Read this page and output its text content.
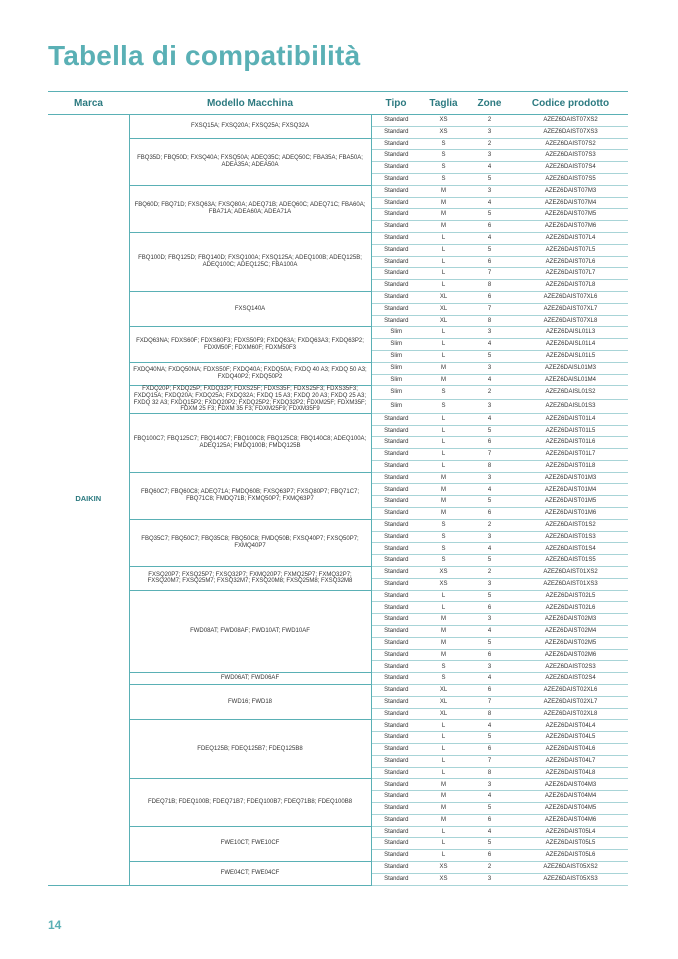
Tabella di compatibilità
Marca	Modello Macchina	Tipo	Taglia	Zone	Codice prodotto
DAIKIN	FXSQ15A; FXSQ20A; FXSQ25A; FXSQ32A	Standard	XS	2	AZEZ6DAIST07XS2
		Standard	XS	3	AZEZ6DAIST07XS3
	FBQ35D; FBQ50D; FXSQ40A; FXSQ50A; ADEQ35C; ADEQ50C; FBA35A; FBA50A; ADEA35A; ADEA50A	Standard	S	2	AZEZ6DAIST07S2
		Standard	S	3	AZEZ6DAIST07S3
		Standard	S	4	AZEZ6DAIST07S4
		Standard	S	5	AZEZ6DAIST07S5
	FBQ60D; FBQ71D; FXSQ63A; FXSQ80A; ADEQ71B; ADEQ60C; ADEQ71C; FBA60A; FBA71A; ADEA60A; ADEA71A	Standard	M	3	AZEZ6DAIST07M3
		Standard	M	4	AZEZ6DAIST07M4
		Standard	M	5	AZEZ6DAIST07M5
		Standard	M	6	AZEZ6DAIST07M6
	FBQ100D; FBQ125D; FBQ140D; FXSQ100A; FXSQ125A; ADEQ100B; ADEQ125B; ADEQ100C; ADEQ125C; FBA100A	Standard	L	4	AZEZ6DAIST07L4
		Standard	L	5	AZEZ6DAIST07L5
		Standard	L	6	AZEZ6DAIST07L6
		Standard	L	7	AZEZ6DAIST07L7
		Standard	L	8	AZEZ6DAIST07L8
	FXSQ140A	Standard	XL	6	AZEZ6DAIST07XL6
		Standard	XL	7	AZEZ6DAIST07XL7
		Standard	XL	8	AZEZ6DAIST07XL8
	FXDQ63NA; FDXS60F; FDXS60F3; FDXS50F9; FXDQ63A; FXDQ63A3; FXDQ63P2; FDXM50F; FDXM60F; FDXM50F3	Slim	L	3	AZEZ6DAISL01L3
		Slim	L	4	AZEZ6DAISL01L4
		Slim	L	5	AZEZ6DAISL01L5
	FXDQ40NA; FXDQ50NA; FDXS50F; FXDQ40A; FXDQ50A; FXDQ 40 A3; FXDQ 50 A3; FXDQ40P2; FXDQ50P2	Slim	M	3	AZEZ6DAISL01M3
		Slim	M	4	AZEZ6DAISL01M4
	FXDQ20P; FXDQ25P; FXDQ32P; FDXS25F; FDXS35F; FDXS25F3; FDXS35F3; FXDQ15A; FXDQ20A; FXDQ25A; FXDQ32A; FXDQ 15 A3; FXDQ 20 A3; FXDQ 25 A3; FXDQ 32 A3; FXDQ15P2; FXDQ20P2; FXDQ25P2; FXDQ32P2; FDXM25F; FDXM35F; FDXM 25 F3; FDXM 35 F3; FDXM25F9; FDXM35F9	Slim	S	2	AZEZ6DAISL01S2
		Slim	S	3	AZEZ6DAISL01S3
	FBQ100C7; FBQ125C7; FBQ140C7; FBQ100C8; FBQ125C8; FBQ140C8; ADEQ100A; ADEQ125A; FMDQ100B; FMDQ125B	Standard	L	4	AZEZ6DAIST01L4
		Standard	L	5	AZEZ6DAIST01L5
		Standard	L	6	AZEZ6DAIST01L6
		Standard	L	7	AZEZ6DAIST01L7
		Standard	L	8	AZEZ6DAIST01L8
	FBQ60C7; FBQ60C8; ADEQ71A; FMDQ60B; FXSQ63P7; FXSQ80P7; FBQ71C7; FBQ71C8; FMDQ71B; FXMQ50P7; FXMQ63P7	Standard	M	3	AZEZ6DAIST01M3
		Standard	M	4	AZEZ6DAIST01M4
		Standard	M	5	AZEZ6DAIST01M5
		Standard	M	6	AZEZ6DAIST01M6
	FBQ35C7; FBQ50C7; FBQ35C8; FBQ50C8; FMDQ50B; FXSQ40P7; FXSQ50P7; FXMQ40P7	Standard	S	2	AZEZ6DAIST01S2
		Standard	S	3	AZEZ6DAIST01S3
		Standard	S	4	AZEZ6DAIST01S4
		Standard	S	5	AZEZ6DAIST01S5
	FXSQ20P7; FXSQ25P7; FXSQ32P7; FXMQ20P7; FXMQ25P7; FXMQ32P7; FXSQ20M7; FXSQ25M7; FXSQ32M7; FXSQ20M8; FXSQ25M8; FXSQ32M8	Standard	XS	2	AZEZ6DAIST01XS2
		Standard	XS	3	AZEZ6DAIST01XS3
	FWD08AT; FWD08AF; FWD10AT; FWD10AF	Standard	L	5	AZEZ6DAIST02L5
		Standard	L	6	AZEZ6DAIST02L6
		Standard	M	3	AZEZ6DAIST02M3
		Standard	M	4	AZEZ6DAIST02M4
		Standard	M	5	AZEZ6DAIST02M5
		Standard	M	6	AZEZ6DAIST02M6
		Standard	S	3	AZEZ6DAIST02S3
	FWD06AT; FWD06AF	Standard	S	4	AZEZ6DAIST02S4
	FWD16; FWD18	Standard	XL	6	AZEZ6DAIST02XL6
		Standard	XL	7	AZEZ6DAIST02XL7
		Standard	XL	8	AZEZ6DAIST02XL8
	FDEQ125B; FDEQ125B7; FDEQ125B8	Standard	L	4	AZEZ6DAIST04L4
		Standard	L	5	AZEZ6DAIST04L5
		Standard	L	6	AZEZ6DAIST04L6
		Standard	L	7	AZEZ6DAIST04L7
		Standard	L	8	AZEZ6DAIST04L8
	FDEQ71B; FDEQ100B; FDEQ71B7; FDEQ100B7; FDEQ71B8; FDEQ100B8	Standard	M	3	AZEZ6DAIST04M3
		Standard	M	4	AZEZ6DAIST04M4
		Standard	M	5	AZEZ6DAIST04M5
		Standard	M	6	AZEZ6DAIST04M6
	FWE10CT; FWE10CF	Standard	L	4	AZEZ6DAIST05L4
		Standard	L	5	AZEZ6DAIST05L5
		Standard	L	6	AZEZ6DAIST05L6
	FWE04CT; FWE04CF	Standard	XS	2	AZEZ6DAIST05XS2
		Standard	XS	3	AZEZ6DAIST05XS3
14
